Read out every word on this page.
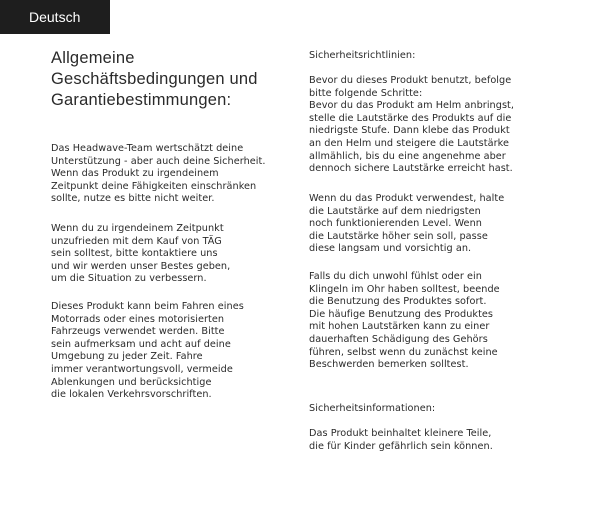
Deutsch
Allgemeine
Geschäftsbedingungen und
Garantiebestimmungen:

Das Headwave-Team wertschätzt deine
Unterstützung - aber auch deine Sicherheit.
Wenn das Produkt zu irgendeinem
Zeitpunkt deine Fähigkeiten einschränken
sollte, nutze es bitte nicht weiter.

Wenn du zu irgendeinem Zeitpunkt
unzufrieden mit dem Kauf von TÄG
sein solltest, bitte kontaktiere uns
und wir werden unser Bestes geben,
um die Situation zu verbessern.

Dieses Produkt kann beim Fahren eines
Motorrads oder eines motorisierten
Fahrzeugs verwendet werden. Bitte
sein aufmerksam und acht auf deine
Umgebung zu jeder Zeit. Fahre
immer verantwortungsvoll, vermeide
Ablenkungen und berücksichtige
die lokalen Verkehrsvorschriften.

Sicherheitsrichtlinien:

Bevor du dieses Produkt benutzt, befolge
bitte folgende Schritte:
Bevor du das Produkt am Helm anbringst,
stelle die Lautstärke des Produkts auf die
niedrigste Stufe. Dann klebe das Produkt
an den Helm und steigere die Lautstärke
allmählich, bis du eine angenehme aber
dennoch sichere Lautstärke erreicht hast.

Wenn du das Produkt verwendest, halte
die Lautstärke auf dem niedrigsten
noch funktionierenden Level. Wenn
die Lautstärke höher sein soll, passe
diese langsam und vorsichtig an.

Falls du dich unwohl fühlst oder ein
Klingeln im Ohr haben solltest, beende
die Benutzung des Produktes sofort.
Die häufige Benutzung des Produktes
mit hohen Lautstärken kann zu einer
dauerhaften Schädigung des Gehörs
führen, selbst wenn du zunächst keine
Beschwerden bemerken solltest.

Sicherheitsinformationen:

Das Produkt beinhaltet kleinere Teile,
die für Kinder gefährlich sein können.
